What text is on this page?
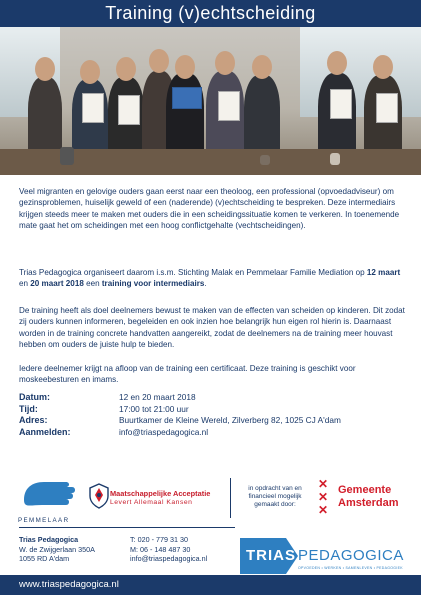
Training (v)echtscheiding

Veel migranten en gelovige ouders gaan eerst naar een theoloog, een professional (opvoedadviseur) om gezinsproblemen, huiselijk geweld of een (naderende) (v)echtscheiding te bespreken. Deze intermediairs krijgen steeds meer te maken met ouders die in een scheidingssituatie komen te verkeren. In toenemende mate gaat het om scheidingen met een hoog conflictgehalte (vechtscheidingen).

Trias Pedagogica organiseert daarom i.s.m. Stichting Malak en Pemmelaar Familie Mediation op 12 maart en 20 maart 2018 een training voor intermediairs.

De training heeft als doel deelnemers bewust te maken van de effecten van scheiden op kinderen. Dit zodat zij ouders kunnen informeren, begeleiden en ook inzien hoe belangrijk hun eigen rol hierin is. Daarnaast worden in de training concrete handvatten aangereikt, zodat de deelnemers na de training meer houvast hebben om ouders de juiste hulp te bieden.

Iedere deelnemer krijgt na afloop van de training een certificaat. Deze training is geschikt voor moskeebesturen en imams.

Datum:	12 en 20 maart 2018
Tijd:	17:00 tot 21:00 uur
Adres:	Buurtkamer de Kleine Wereld, Zilverberg 82, 1025 CJ A'dam
Aanmelden:	info@triaspedagogica.nl
PEMMELAAR
Maatschappelijke Acceptatie
Levert Allemaal Kansen
in opdracht van en financieel mogelijk gemaakt door:
✕
✕
✕
Gemeente
Amsterdam
Trias Pedagogica
W. de Zwijgerlaan 350A
1055 RD A'dam
T: 020 - 779 31 30
M: 06 - 148 487 30
info@triaspedagogica.nl	TRIAS PEDAGOGICA
OPVOEDEN • WERKEN • SAMENLEVEN • PEDAGOGIEK
www.triaspedagogica.nl
